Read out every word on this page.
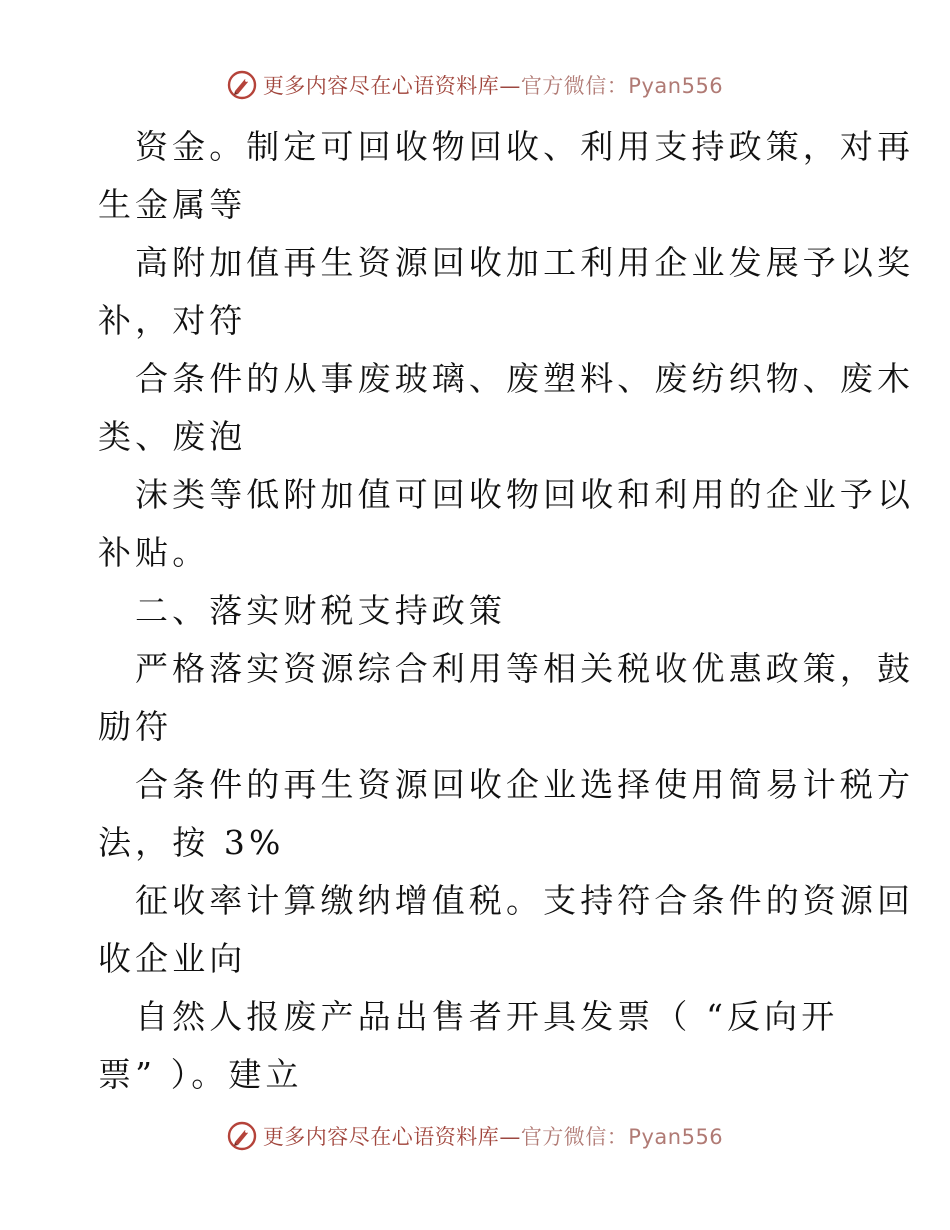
更多内容尽在心语资料库—官方微信：Pyan556
资金。制定可回收物回收、利用支持政策，对再
生金属等
高附加值再生资源回收加工利用企业发展予以奖
补，对符
合条件的从事废玻璃、废塑料、废纺织物、废木
类、废泡
沫类等低附加值可回收物回收和利用的企业予以
补贴。
二、落实财税支持政策
严格落实资源综合利用等相关税收优惠政策，鼓
励符
合条件的再生资源回收企业选择使用简易计税方
法，按 3%
征收率计算缴纳增值税。支持符合条件的资源回
收企业向
自然人报废产品出售者开具发票（ “反向开
票” ）。建立
更多内容尽在心语资料库—官方微信：Pyan556
